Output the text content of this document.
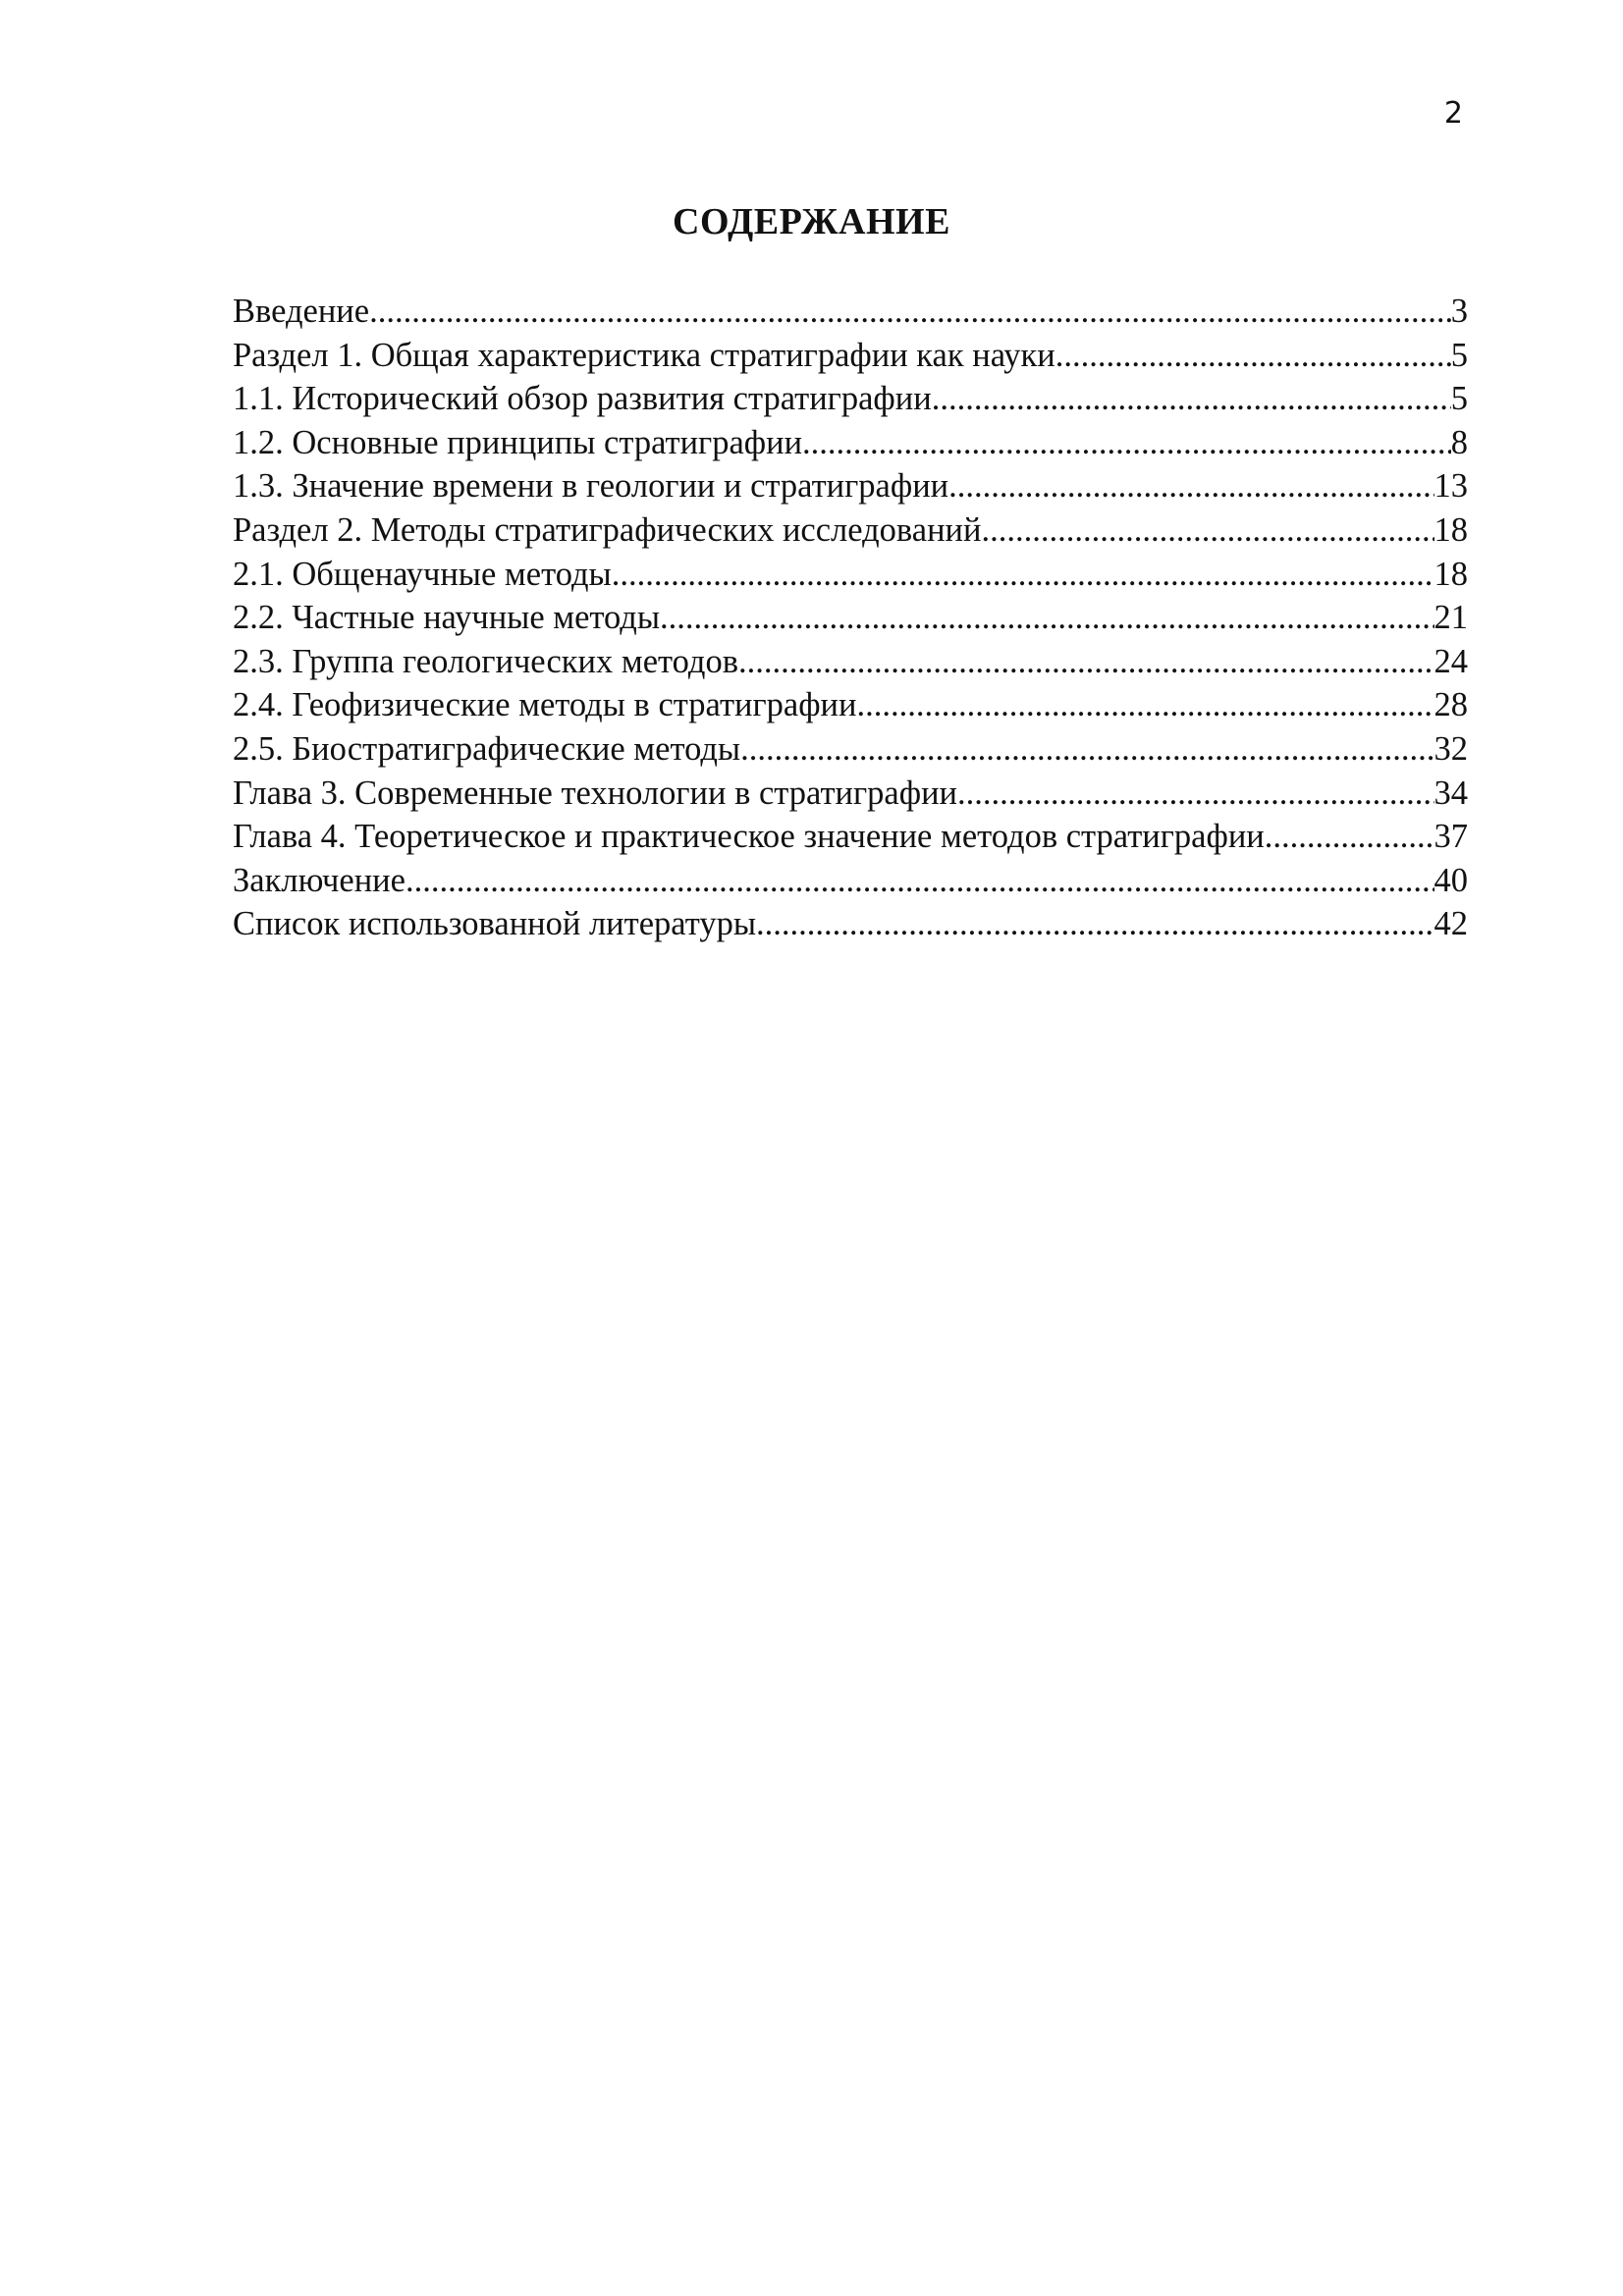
2
СОДЕРЖАНИЕ
Введение .....	3
Раздел 1. Общая характеристика стратиграфии как науки .....	5
1.1. Исторический обзор развития стратиграфии .....	5
1.2. Основные принципы стратиграфии .....	8
1.3. Значение времени в геологии и стратиграфии .....	13
Раздел 2. Методы стратиграфических исследований .....	18
2.1. Общенаучные методы .....	18
2.2. Частные научные методы .....	21
2.3. Группа геологических методов .....	24
2.4. Геофизические методы в стратиграфии .....	28
2.5. Биостратиграфические методы .....	32
Глава 3. Современные технологии в стратиграфии .....	34
Глава 4. Теоретическое и практическое значение методов стратиграфии .....	37
Заключение .....	40
Список использованной литературы .....	42
